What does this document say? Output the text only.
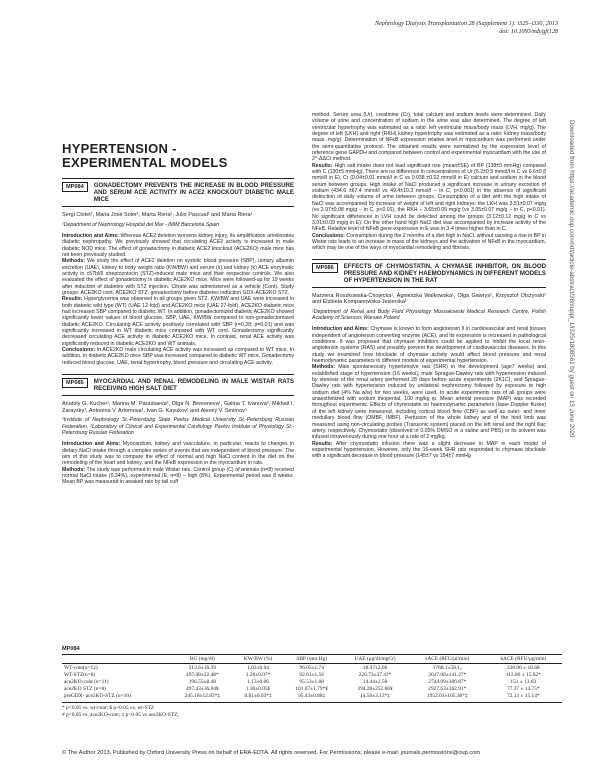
Nephrology Dialysis Transplantation 28 (Supplement 1): i325–i330, 2013
doi: 10.1093/ndt/gft128
Downloaded from https://academic.oup.com/ndt/article-abstract/28/suppl_1/i325/1808561 by guest on 13 June 2020
HYPERTENSION - EXPERIMENTAL MODELS
MP084	GONADECTOMY PREVENTS THE INCREASE IN BLOOD PRESSURE AND SERUM ACE ACTIVITY IN ACE2 KNOCKOUT DIABETIC MALE MICE
Sergi Clotet¹, Maria José Soler¹, Marta Riera¹, Julio Pascual¹ and Marta Riera¹
¹Department of Nephrology Hospital del Mar - IMIM Barcelona Spain

Introduction and Aims: Whereas ACE2 deletion worsens kidney injury, its amplification ameliorates diabetic nephropathy. We previously showed that circulating ACE2 activity is increased in male diabetic NOD mice. The effect of gonadectomy in diabetic ACE2 knockout (ACE2KO) male mice has not been previously studied.

Methods: We study the effect of ACE2 deletion on systolic blood pressure (SBP), urinary albumin excretion (UAE), kidney to body weight ratio (KW/BW) and serum (s) and kidney (k) ACE enzymatic activity in c57bl/6 streptozotocin (STZ)-induced male mice and their respective controls. We also evaluated the effect of gonadectomy in diabetic ACE2KO mice. Mice were followed-up for 19 weeks after induction of diabetes with STZ injection. Citrate was administered as a vehicle (Cont). Study groups: ACE2KO cont, ACE2KO STZ, gonadectomy before diabetes induction GDX-ACE2KO STZ.

Results: Hyperglycemia was observed in all groups given STZ. KW/BW and UAE were increased in both diabetic wild type (WT) (UAE 12-fold) and ACE2KO mice (UAE 27-fold). ACE2KO diabetic mice had increased SBP compared to diabetic WT. In addition, gonadectomized diabetic ACE2KO showed significantly lower values of blood glucose, SBP, UAE, KW/BW compared to non-gonadectomized diabetic ACE2KO. Circulating ACE activity positively correlated with SBP (r=0.28; p=0.01) and was significantly increased in WT diabetic mice compared with WT cont. Gonadectomy significantly decreased circulating ACE activity in diabetic ACE2KO mice. In contrast, renal ACE activity was significantly reduced in diabetic ACE2KO and WT animals.

Conclusions: In ACE2KO male circulating ACE activity was increased as compared to WT mice. In addition, in diabetic ACE2KO mice SBP was increased compared to diabetic WT mice. Gonadectomy reduced blood glucose, UAE, renal hypertrophy, blood pressure and circulating ACE activity.

MP085	MYOCARDIAL AND RENAL REMODELING IN MALE WISTAR RATS RECEIVING HIGH SALT DIET
Anatoly G. Kucher¹, Marina M. Parastaeva¹, Olga N. Beresneva¹, Galina T. Ivanova², Mikhail I. Zaraysky¹, Antonina V. Artemova¹, Ivan G. Kayukov¹ and Alexey V. Smirnov¹
¹Institute of Nephrology St.-Petersburg State Pavlov Medical University St.-Petersburg Russian Federation, ²Laboratory of Clinical and Experimental Cardiology Pavlov Institute of Physiology St.-Petersburg Russian Federation

Introduction and Aims: Myocardium, kidney and vasculature, in particular, reacts to changes in dietary NaCl intake through a complex series of events that are independent of blood pressure. The aim of this study was to compare the effect of normal and high NaCl content in the diet on the remodeling of the heart and kidney, and the NFκB expression in the myocardium in rats.

Methods: The study was performed in male Wistar rats. Control group (C) of animals (n=8) received normal NaCl intake (0.34%), experimental (E; n=8) – high (8%). Experimental period was 8 weeks. Mean BP was measured in awaked rats by tail cuff

method. Serum urea (Ur), creatinine (Cr), total calcium and sodium levels were determined. Daily volume of urine and concentration of sodium in the urine was also determined. The degree of left ventricular hypertrophy was estimated as a ratio: left ventricular mass/body mass (LVH, mg/g). The degree of left (LKH) and right (RKH) kidney hypertrophy was estimated as a ratio: kidney mass/body mass, mg/g). Determination of NFκB expression relative level in myocardium was performed under the semi-quantitative protocol. The obtained results were normalized by the expression level of reference gene GAPDH and compared between control and experimental myocardium with the use of 2^-ΔΔCt method.

Results: High salt intake does not lead significant rise (mean±SE) of BP (138±5 mmHg) compared with C (130±5 mmHg). There are no difference in concentrations of Ur (6.2±0.5 mmol/l in C vs 6.6±0.8 mmol/l in E), Cr (0.04±0.01 mmol/l in C vs 0.038 ±0.02 mmol/l in E) calcium and sodium in the blood serum between groups. High intake of NaCl produced a significant increase in urinary excretion of sodium (434.6 ±67.4 mmol/l vs 49.4±10.3 mmol/l – in C, p<0.001) in the absence of significant distinction of daily volume of urine between groups. Consumption of a diet with the high intake of NaCl was accompanied by increase of weight of left and right kidneys: the LKH was 3.51±0.07 mg/g (vs 2.97±0.08 mg/g – in C, p<0.01), the RKH – 3.65±0.05 mg/g (vs 3.05±0.07 mg/g – in C, p<0.01). No significant differences in LVH could be detected among the groups (3.12±0.12 mg/g in C vs 3.01±0.09 mg/g in E). On the other hand high NaCl diet was accompanied by increase activity of the NFκB. Relative level of NFκB gene expression in E was in 3-4 times higher than in C.

Conclusions: Consumption during the 2 months of a diet high in NaCl, without causing a rise in BP in Wistar rats leads to an increase in mass of the kidneys and the activation of NFκB in the myocardium, which may be one of the ways of myocardial remodeling and fibrosis.

MP086	EFFECTS OF CHYMOSTATIN, A CHYMASE INHIBITOR, ON BLOOD PRESSURE AND KIDNEY HAEMODYNAMICS IN DIFFERENT MODELS OF HYPERTENSION IN THE RAT
Marzena Roszkowska-Chojecka¹, Agnieszka Walkowska¹, Olga Gawrys¹, Krzysztof Olszynski¹ and Elzbieta Kompanowska-Jezierska¹
¹Department of Renal and Body Fluid Physiology Mossakowski Medical Research Centre, Polish Academy of Sciences Warsaw Poland

Introduction and Aims: Chymase is known to form angiotensin II in cardiovascular and renal tissues independent of angiotensin converting enzyme (ACE), and its expression is increased in pathological conditions. It was proposed that chymase inhibitors could be applied to inhibit the local renin-angiotensin systems (RAS) and possibly prevent the development of cardiovascular diseases. In this study we examined how blockade of chymase activity would affect blood pressure and renal haemodynamic parameters in different models of experimental hypertension.

Methods: Male spontaneously hypertensive rats (SHR) in the development (age7 weeks) and established stage of hypertension (16 weeks), male Sprague-Dawley rats with hypertension induced by stenosis of the renal artery performed 28 days before acute experiments (2K1C), and Sprague-Dawley rats with hypertension induced by unilateral nephrectomy followed by exposure to high sodium diet (4% Na w/w) for two weeks, were used. In acute experiments rats of all groups were anaesthetized with sodium thiopental, 100 mg/kg ip. Mean arterial pressure (MAP) was recorded throughout experiments. Effects of chymostatin on haemodynamic parameters (laser-Doppler fluxes) of the left kidney were measured, including cortical blood flow (CBF) as well as outer- and inner medullary blood flow (OMBF, IMBF). Perfusion of the whole kidney and of the hind limb was measured using non-circulating probes (Transonic system) placed on the left renal and the right iliac artery, respectively. Chymostatin (dissolved in 0.05% DMSO in a saline and PBS) or its solvent was infused intravenously during one hour at a rate of 2 mg/kg.

Results: After chymostatin infusion there was a slight decrease in MAP in each model of experimental hypertension. However, only the 16-week SHR rats responded to chymase blockade with a significant decrease in blood pressure (145±7 vs 154±7 mmHg

MP084
	BG (mg/dl)	KW/BW (%)	SBP (mm Hg)	UAE (μg/dl/mgCr)	sACE (RFU/μl/min)	kACE (RFU/μg/min)
WT-cont(n=12)	213.6±16.39	1.02±0.04	96.05±1.74	18.47±2.66	1768.1±58.1₂	220.96 ± 18.68
WT-STZ(n=8)	497.08±22.48*	1.28±0.07*	92.61±1.56	220.73±37.43*	3017.08±141.27*	113.86 ± 15.62*
ace2KO-cont (n=11)	196.55±8.48	1.13±0.06	95.53±1.88	14.44±2.58	2744.99±306.87*	151 ± 13.83
ace2KO STZ (n=8)	497.43±36.04¥	1.30±0.05¥	101.67±1.79*¥	394.28±252.66¥	2927.63±162.91*	77.37 ± 14.75*
preGDX- ace2KO-STZ (n=10)	245.18±12.83*‡	0.81±0.03*‡	95.43±0.88‡	14.56±3.13*‡	1952.01±105.36*‡	72.13 ± 15.14*
* p<0.05 vs. wt-cont; $ p<0.05 vs. wt-STZ
# p<0.05 vs. ace2KO-cont; ‡ p<0.05 vs ace2KO-STZ;
© The Author 2013. Published by Oxford University Press on behalf of ERA-EDTA. All rights reserved. For Permissions, please e-mail: journals.permissions@oup.com
